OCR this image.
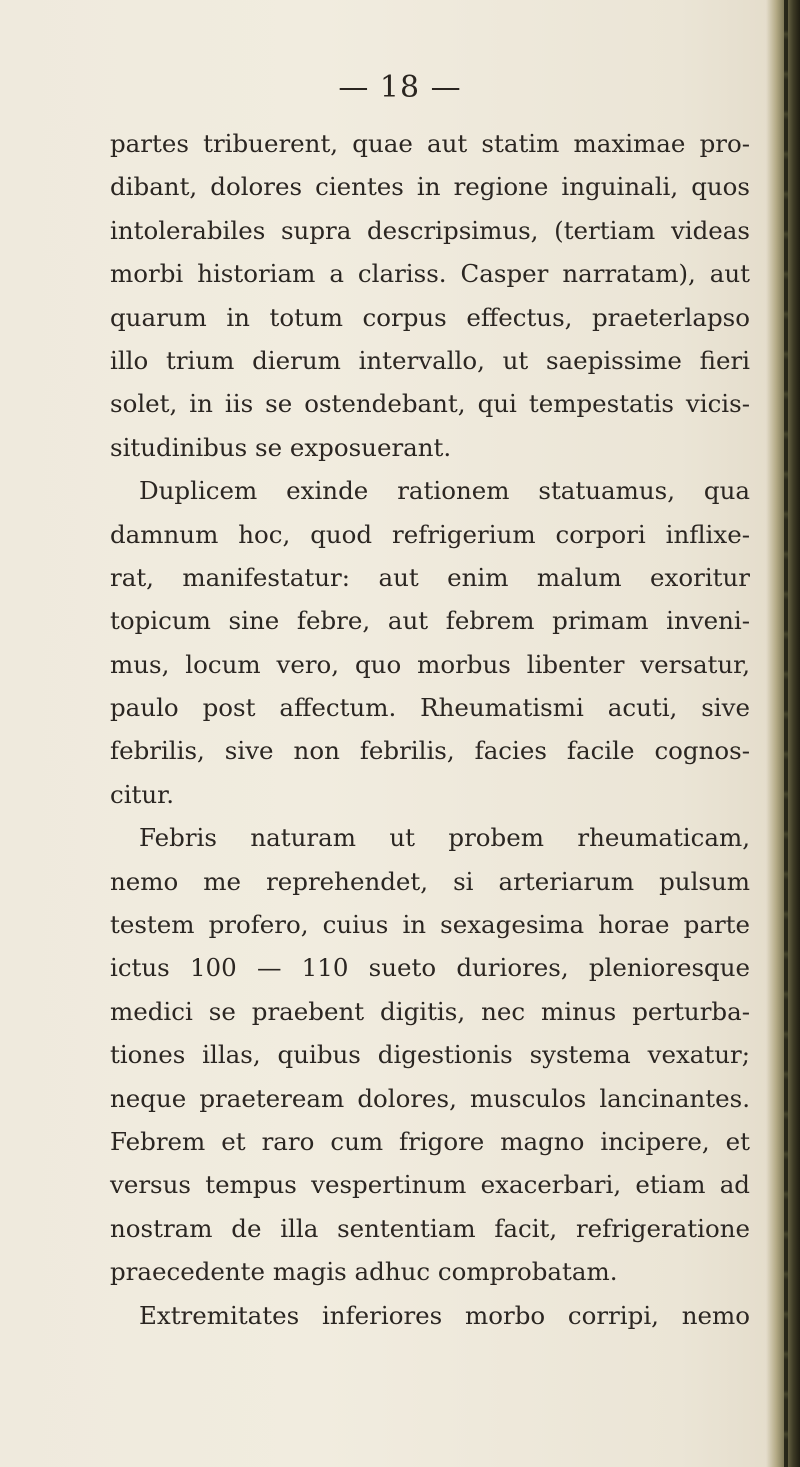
— 18 —
partes tribuerent, quae aut statim maximae pro-
dibant, dolores cientes in regione inguinali, quos
intolerabiles supra descripsimus, (tertiam videas
morbi historiam a clariss. Casper narratam), aut
quarum in totum corpus effectus, praeterlapso
illo trium dierum intervallo, ut saepissime fieri
solet, in iis se ostendebant, qui tempestatis vicis-
situdinibus se exposuerant.
Duplicem exinde rationem statuamus, qua
damnum hoc, quod refrigerium corpori inflixe-
rat, manifestatur: aut enim malum exoritur
topicum sine febre, aut febrem primam inveni-
mus, locum vero, quo morbus libenter versatur,
paulo post affectum. Rheumatismi acuti, sive
febrilis, sive non febrilis, facies facile cognos-
citur.
Febris naturam ut probem rheumaticam,
nemo me reprehendet, si arteriarum pulsum
testem profero, cuius in sexagesima horae parte
ictus 100 — 110 sueto duriores, plenioresque
medici se praebent digitis, nec minus perturba-
tiones illas, quibus digestionis systema vexatur;
neque praeteream dolores, musculos lancinantes.
Febrem et raro cum frigore magno incipere, et
versus tempus vespertinum exacerbari, etiam ad
nostram de illa sententiam facit, refrigeratione
praecedente magis adhuc comprobatam.
Extremitates inferiores morbo corripi, nemo
